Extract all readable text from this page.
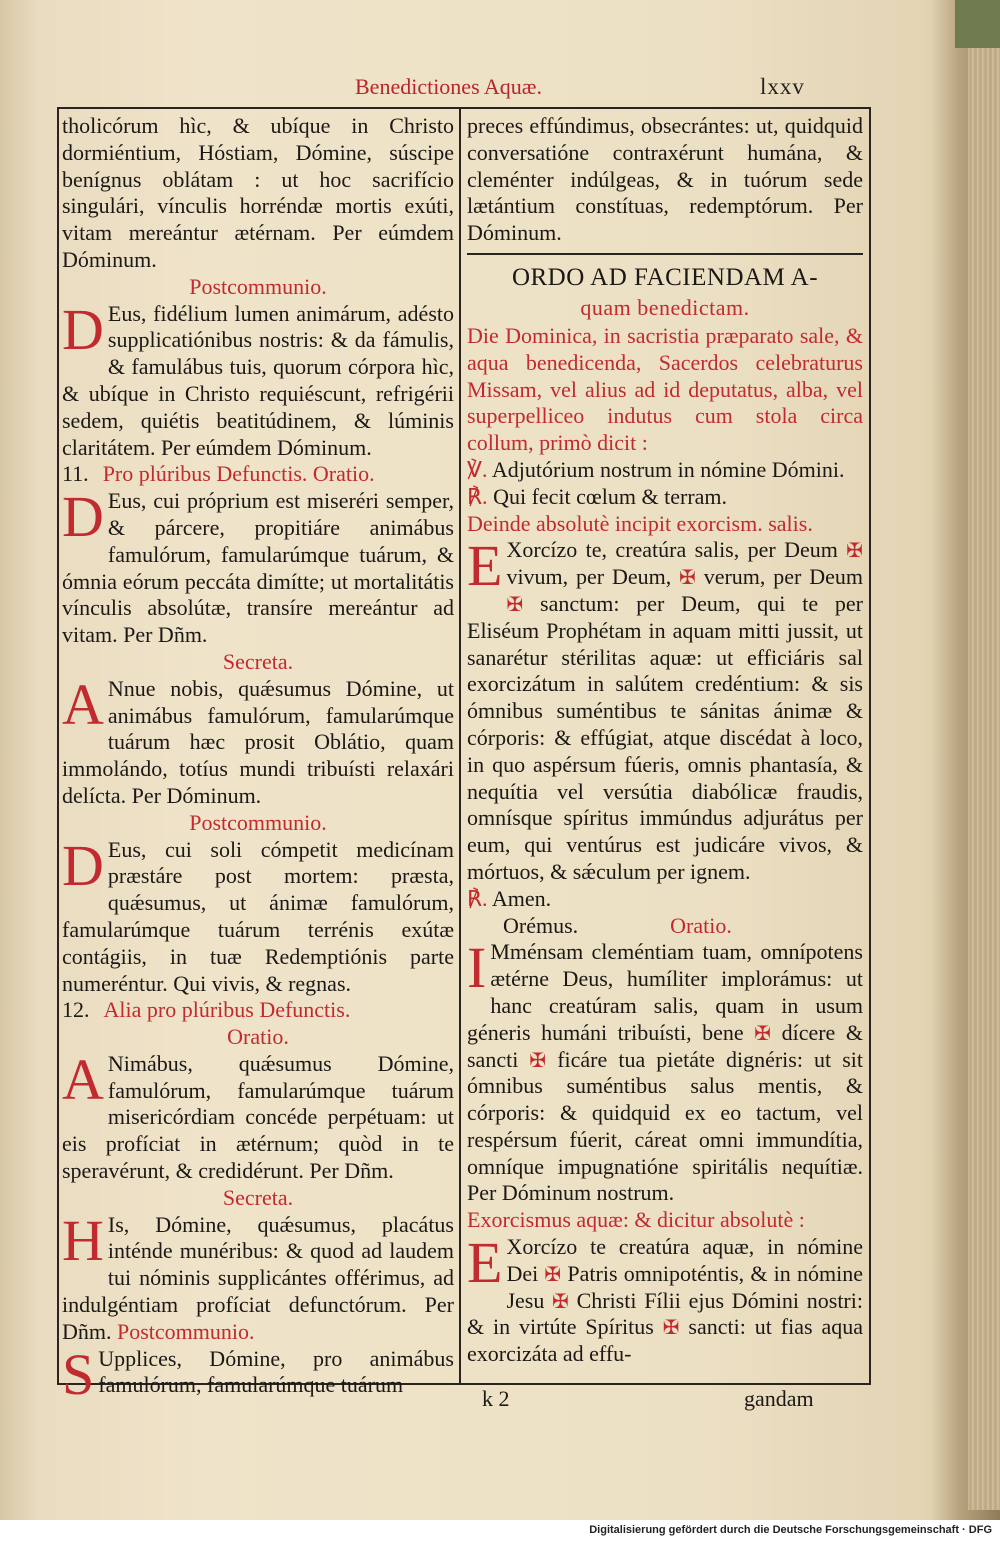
Benedictiones Aquæ.	lxxv

tholicórum hìc, & ubíque in Christo dormiéntium, Hóstiam, Dómine, súscipe benígnus oblátam : ut hoc sacrifício singulári, vínculis horréndæ mortis exúti, vitam mereántur ætérnam. Per eúmdem Dóminum.

Postcommunio.

D Eus, fidélium lumen animárum, adésto supplicatiónibus nostris: & da fámulis, & famulábus tuis, quorum córpora hìc, & ubíque in Christo requiéscunt, refrigérii sedem, quiétis beatitúdinem, & lúminis claritátem. Per eúmdem Dóminum.

11. Pro plúribus Defunctis. Oratio.

D Eus, cui próprium est miseréri semper, & párcere, propitiáre animábus famulórum, famularúmque tuárum, & ómnia eórum peccáta dimítte; ut mortalitátis vínculis absolútæ, transíre mereántur ad vitam. Per Dñm.

Secreta.

A Nnue nobis, quǽsumus Dómine, ut animábus famulórum, famularúmque tuárum hæc prosit Oblátio, quam immolándo, totíus mundi tribuísti relaxári delícta. Per Dóminum.

Postcommunio.

D Eus, cui soli cómpetit medicínam præstáre post mortem: præsta, quǽsumus, ut ánimæ famulórum, famularúmque tuárum terrénis exútæ contágiis, in tuæ Redemptiónis parte numeréntur. Qui vivis, & regnas.

12. Alia pro plúribus Defunctis.

Oratio.

A Nimábus, quǽsumus Dómine, famulórum, famularúmque tuárum misericórdiam concéde perpétuam: ut eis profíciat in ætérnum; quòd in te speravérunt, & credidérunt. Per Dñm.

Secreta.

H Is, Dómine, quǽsumus, placátus inténde munéribus: & quod ad laudem tui nóminis supplicántes offérimus, ad indulgéntiam profíciat defunctórum. Per Dñm. Postcommunio.

S Upplices, Dómine, pro animábus famulórum, famularúmque tuárum

preces effúndimus, obsecrántes: ut, quidquid conversatióne contraxérunt humána, & cleménter indúlgeas, & in tuórum sede lætántium constítuas, redemptórum. Per Dóminum.

ORDO AD FACIENDAM A-
quam benedictam.

Die Dominica, in sacristia præparato sale, & aqua benedicenda, Sacerdos celebraturus Missam, vel alius ad id deputatus, alba, vel superpelliceo indutus cum stola circa collum, primò dicit :

℣. Adjutórium nostrum in nómine Dómini.

℟. Qui fecit cœlum & terram.

Deinde absolutè incipit exorcism. salis.

E Xorcízo te, creatúra salis, per Deum ✠ vivum, per Deum, ✠ verum, per Deum ✠ sanctum: per Deum, qui te per Eliséum Prophétam in aquam mitti jussit, ut sanarétur stérilitas aquæ: ut efficiáris sal exorcizátum in salútem credéntium: & sis ómnibus suméntibus te sánitas ánimæ & córporis: & effúgiat, atque discédat à loco, in quo aspérsum fúeris, omnis phantasía, & nequítia vel versútia diabólicæ fraudis, omnísque spíritus immúndus adjurátus per eum, qui ventúrus est judicáre vivos, & mórtuos, & sǽculum per ignem.

℟. Amen.

Orémus.	Oratio.

I Mménsam cleméntiam tuam, omnípotens ætérne Deus, humíliter implorámus: ut hanc creatúram salis, quam in usum géneris humáni tribuísti, bene ✠ dícere & sancti ✠ ficáre tua pietáte dignéris: ut sit ómnibus suméntibus salus mentis, & córporis: & quidquid ex eo tactum, vel respérsum fúerit, cáreat omni immundítia, omníque impugnatióne spiritális nequítiæ. Per Dóminum nostrum.

Exorcismus aquæ: & dicitur absolutè :

E Xorcízo te creatúra aquæ, in nómine Dei ✠ Patris omnipoténtis, & in nómine Jesu ✠ Christi Fílii ejus Dómini nostri: & in virtúte Spíritus ✠ sancti: ut fias aqua exorcizáta ad effu-

k 2	gandam
Digitalisierung gefördert durch die Deutsche Forschungsgemeinschaft · DFG
